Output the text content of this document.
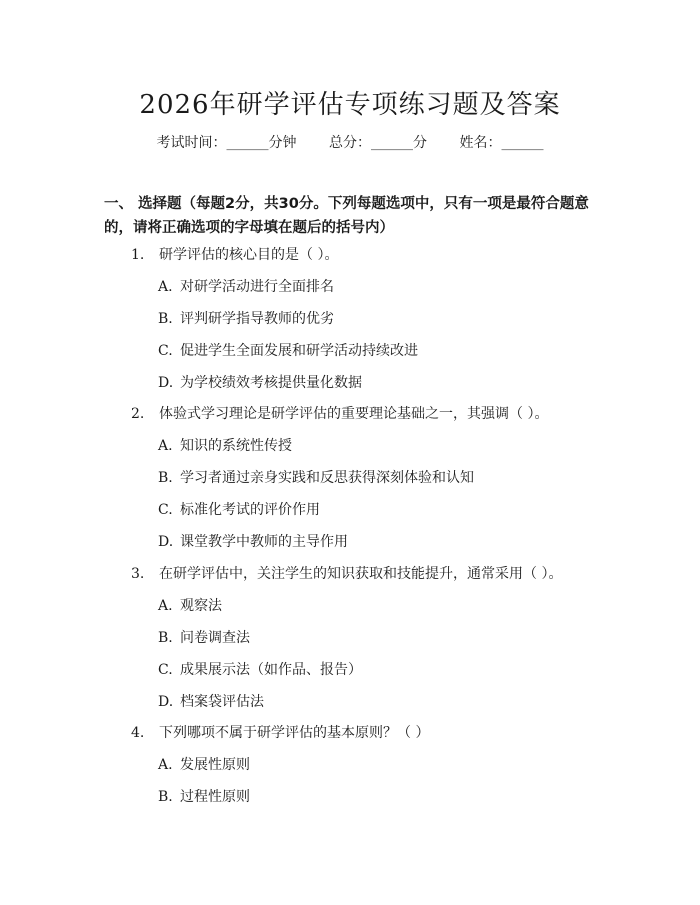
2026年研学评估专项练习题及答案
考试时间：______分钟 总分：______分 姓名：______
一、 选择题（每题2分，共30分。下列每题选项中，只有一项是最符合题意的，请将正确选项的字母填在题后的括号内）
1. 研学评估的核心目的是（ ）。
A. 对研学活动进行全面排名
B. 评判研学指导教师的优劣
C. 促进学生全面发展和研学活动持续改进
D. 为学校绩效考核提供量化数据
2. 体验式学习理论是研学评估的重要理论基础之一，其强调（ ）。
A. 知识的系统性传授
B. 学习者通过亲身实践和反思获得深刻体验和认知
C. 标准化考试的评价作用
D. 课堂教学中教师的主导作用
3. 在研学评估中，关注学生的知识获取和技能提升，通常采用（ ）。
A. 观察法
B. 问卷调查法
C. 成果展示法（如作品、报告）
D. 档案袋评估法
4. 下列哪项不属于研学评估的基本原则？（ ）
A. 发展性原则
B. 过程性原则
